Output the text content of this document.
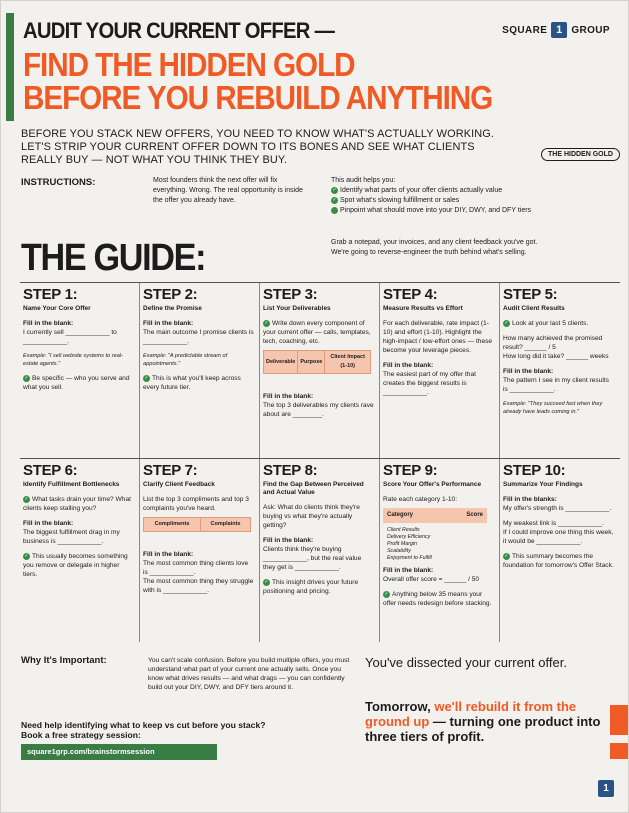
AUDIT YOUR CURRENT OFFER —
FIND THE HIDDEN GOLD
BEFORE YOU REBUILD ANYTHING
SQUARE 1 GROUP
BEFORE YOU STACK NEW OFFERS, YOU NEED TO KNOW WHAT'S ACTUALLY WORKING. LET'S STRIP YOUR CURRENT OFFER DOWN TO ITS BONES AND SEE WHAT CLIENTS REALLY BUY — NOT WHAT YOU THINK THEY BUY.	THE HIDDEN GOLD
INSTRUCTIONS:	Most founders think the next offer will fix everything. Wrong. The real opportunity is inside the offer you already have.
This audit helps you:
✓ Identify what parts of your offer clients actually value
✓ Spot what's slowing fulfillment or sales
✓ Pinpoint what should move into your DIY, DWY, and DFY tiers
THE GUIDE:	Grab a notepad, your invoices, and any client feedback you've got. We're going to reverse-engineer the truth behind what's selling.
STEP 1:
Name Your Core Offer
Fill in the blank:
I currently sell ____________ to ____________.
Example: "I sell website systems to real-estate agents."
✓ Be specific — who you serve and what you sell.
STEP 2:
Define the Promise
Fill in the blank:
The main outcome I promise clients is ____________.
Example: "A predictable stream of appointments."
✓ This is what you'll keep across every future tier.
STEP 3:
List Your Deliverables
✓ Write down every component of your current offer — calls, templates, tech, coaching, etc.
Deliverable	Purpose	Client Impact (1-10)

Fill in the blank:
The top 3 deliverables my clients rave about are ________.
STEP 4:
Measure Results vs Effort
For each deliverable, rate impact (1-10) and effort (1-10). Highlight the high-impact / low-effort ones — these become your leverage pieces.
Fill in the blank:
The easiest part of my offer that creates the biggest results is ____________.
STEP 5:
Audit Client Results
✓ Look at your last 5 clients.
How many achieved the promised result? ______ / 5
How long did it take? ______ weeks
Fill in the blank:
The pattern I see in my client results is ____________.
Example: "They succeed fast when they already have leads coming in."
STEP 6:
Identify Fulfillment Bottlenecks
✓ What tasks drain your time? What clients keep stalling you?
Fill in the blank:
The biggest fulfillment drag in my business is ____________.
✓ This usually becomes something you remove or delegate in higher tiers.
STEP 7:
Clarify Client Feedback
List the top 3 compliments and top 3 complaints you've heard.
Compliments	Complaints

Fill in the blank:
The most common thing clients love is ____________.
The most common thing they struggle with is ____________.
STEP 8:
Find the Gap Between Perceived and Actual Value
Ask: What do clients think they're buying vs what they're actually getting?
Fill in the blank:
Clients think they're buying ____________, but the real value they get is ____________.
✓ This insight drives your future positioning and pricing.
STEP 9:
Score Your Offer's Performance
Rate each category 1-10:
Category	Score
Client Results
Delivery Efficiency
Profit Margin
Scalability
Enjoyment to Fulfill
Fill in the blank:
Overall offer score = ______ / 50
✓ Anything below 35 means your offer needs redesign before stacking.
STEP 10:
Summarize Your Findings
Fill in the blanks:
My offer's strength is ____________.
My weakest link is ____________.
If I could improve one thing this week, it would be ____________.
✓ This summary becomes the foundation for tomorrow's Offer Stack.
Why It's Important:	You can't scale confusion. Before you build multiple offers, you must understand what part of your current one actually sells. Once you know what drives results — and what drags — you can confidently build out your DIY, DWY, and DFY tiers around it.
You've dissected your current offer.
Tomorrow, we'll rebuild it from the ground up — turning one product into three tiers of profit.
Need help identifying what to keep vs cut before you stack?
Book a free strategy session:
square1grp.com/brainstormsession
1
